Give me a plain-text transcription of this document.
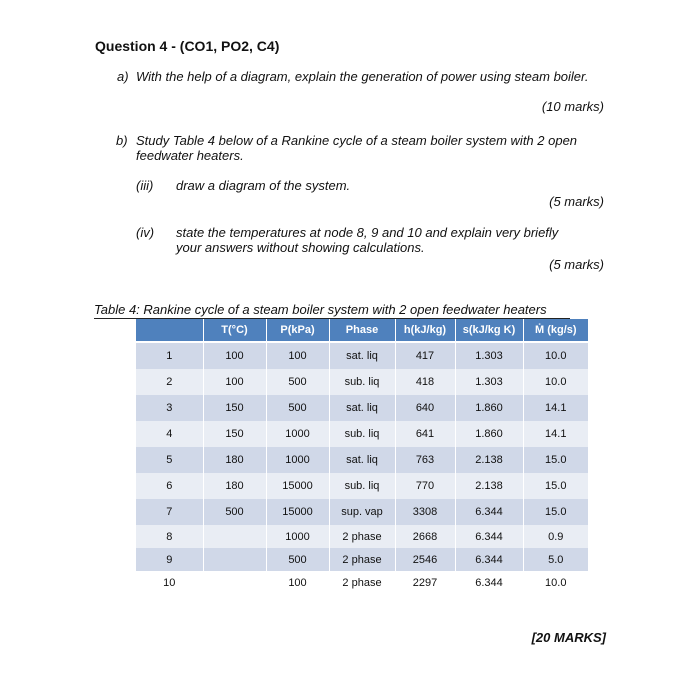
Question 4 - (CO1, PO2, C4)
a) With the help of a diagram, explain the generation of power using steam boiler.
(10 marks)
b) Study Table 4 below of a Rankine cycle of a steam boiler system with 2 open
feedwater heaters.
(iii) draw a diagram of the system.
(5 marks)
(iv) state the temperatures at node 8, 9 and 10 and explain very briefly
your answers without showing calculations.
(5 marks)
Table 4: Rankine cycle of a steam boiler system with 2 open feedwater heaters
	T(°C)	P(kPa)	Phase	h(kJ/kg)	s(kJ/kg K)	Ṁ (kg/s)
1	100	100	sat. liq	417	1.303	10.0
2	100	500	sub. liq	418	1.303	10.0
3	150	500	sat. liq	640	1.860	14.1
4	150	1000	sub. liq	641	1.860	14.1
5	180	1000	sat. liq	763	2.138	15.0
6	180	15000	sub. liq	770	2.138	15.0
7	500	15000	sup. vap	3308	6.344	15.0
8		1000	2 phase	2668	6.344	0.9
9		500	2 phase	2546	6.344	5.0
10		100	2 phase	2297	6.344	10.0
[20 MARKS]
